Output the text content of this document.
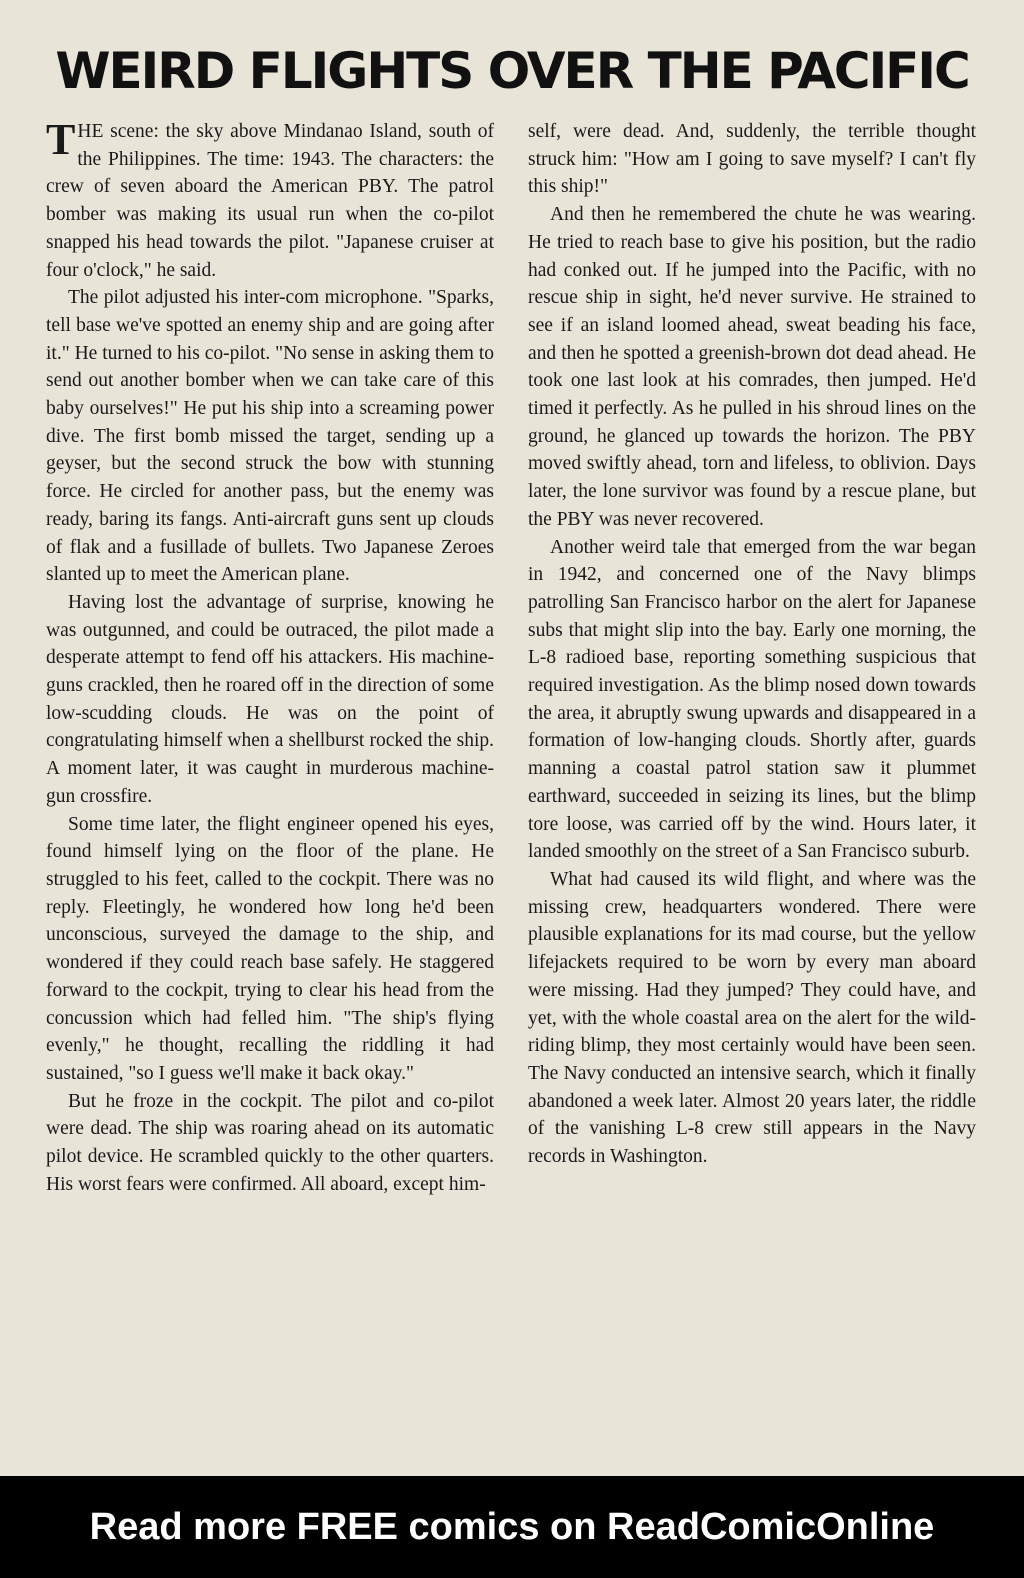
WEIRD FLIGHTS OVER THE PACIFIC

THE scene: the sky above Mindanao Island, south of the Philippines. The time: 1943. The characters: the crew of seven aboard the American PBY. The patrol bomber was making its usual run when the co-pilot snapped his head towards the pilot. "Japanese cruiser at four o'clock," he said.

The pilot adjusted his inter-com microphone. "Sparks, tell base we've spotted an enemy ship and are going after it." He turned to his co-pilot. "No sense in asking them to send out another bomber when we can take care of this baby ourselves!" He put his ship into a screaming power dive. The first bomb missed the target, sending up a geyser, but the second struck the bow with stunning force. He circled for another pass, but the enemy was ready, baring its fangs. Anti-aircraft guns sent up clouds of flak and a fusillade of bullets. Two Japanese Zeroes slanted up to meet the American plane.

Having lost the advantage of surprise, knowing he was outgunned, and could be outraced, the pilot made a desperate attempt to fend off his attackers. His machine-guns crackled, then he roared off in the direction of some low-scudding clouds. He was on the point of congratulating himself when a shellburst rocked the ship. A moment later, it was caught in murderous machine-gun crossfire.

Some time later, the flight engineer opened his eyes, found himself lying on the floor of the plane. He struggled to his feet, called to the cockpit. There was no reply. Fleetingly, he wondered how long he'd been unconscious, surveyed the damage to the ship, and wondered if they could reach base safely. He staggered forward to the cockpit, trying to clear his head from the concussion which had felled him. "The ship's flying evenly," he thought, recalling the riddling it had sustained, "so I guess we'll make it back okay."

But he froze in the cockpit. The pilot and co-pilot were dead. The ship was roaring ahead on its automatic pilot device. He scrambled quickly to the other quarters. His worst fears were confirmed. All aboard, except him-

self, were dead. And, suddenly, the terrible thought struck him: "How am I going to save myself? I can't fly this ship!"

And then he remembered the chute he was wearing. He tried to reach base to give his position, but the radio had conked out. If he jumped into the Pacific, with no rescue ship in sight, he'd never survive. He strained to see if an island loomed ahead, sweat beading his face, and then he spotted a greenish-brown dot dead ahead. He took one last look at his comrades, then jumped. He'd timed it perfectly. As he pulled in his shroud lines on the ground, he glanced up towards the horizon. The PBY moved swiftly ahead, torn and lifeless, to oblivion. Days later, the lone survivor was found by a rescue plane, but the PBY was never recovered.

Another weird tale that emerged from the war began in 1942, and concerned one of the Navy blimps patrolling San Francisco harbor on the alert for Japanese subs that might slip into the bay. Early one morning, the L-8 radioed base, reporting something suspicious that required investigation. As the blimp nosed down towards the area, it abruptly swung upwards and disappeared in a formation of low-hanging clouds. Shortly after, guards manning a coastal patrol station saw it plummet earthward, succeeded in seizing its lines, but the blimp tore loose, was carried off by the wind. Hours later, it landed smoothly on the street of a San Francisco suburb.

What had caused its wild flight, and where was the missing crew, headquarters wondered. There were plausible explanations for its mad course, but the yellow lifejackets required to be worn by every man aboard were missing. Had they jumped? They could have, and yet, with the whole coastal area on the alert for the wild-riding blimp, they most certainly would have been seen. The Navy conducted an intensive search, which it finally abandoned a week later. Almost 20 years later, the riddle of the vanishing L-8 crew still appears in the Navy records in Washington.

Read more FREE comics on ReadComicOnline
